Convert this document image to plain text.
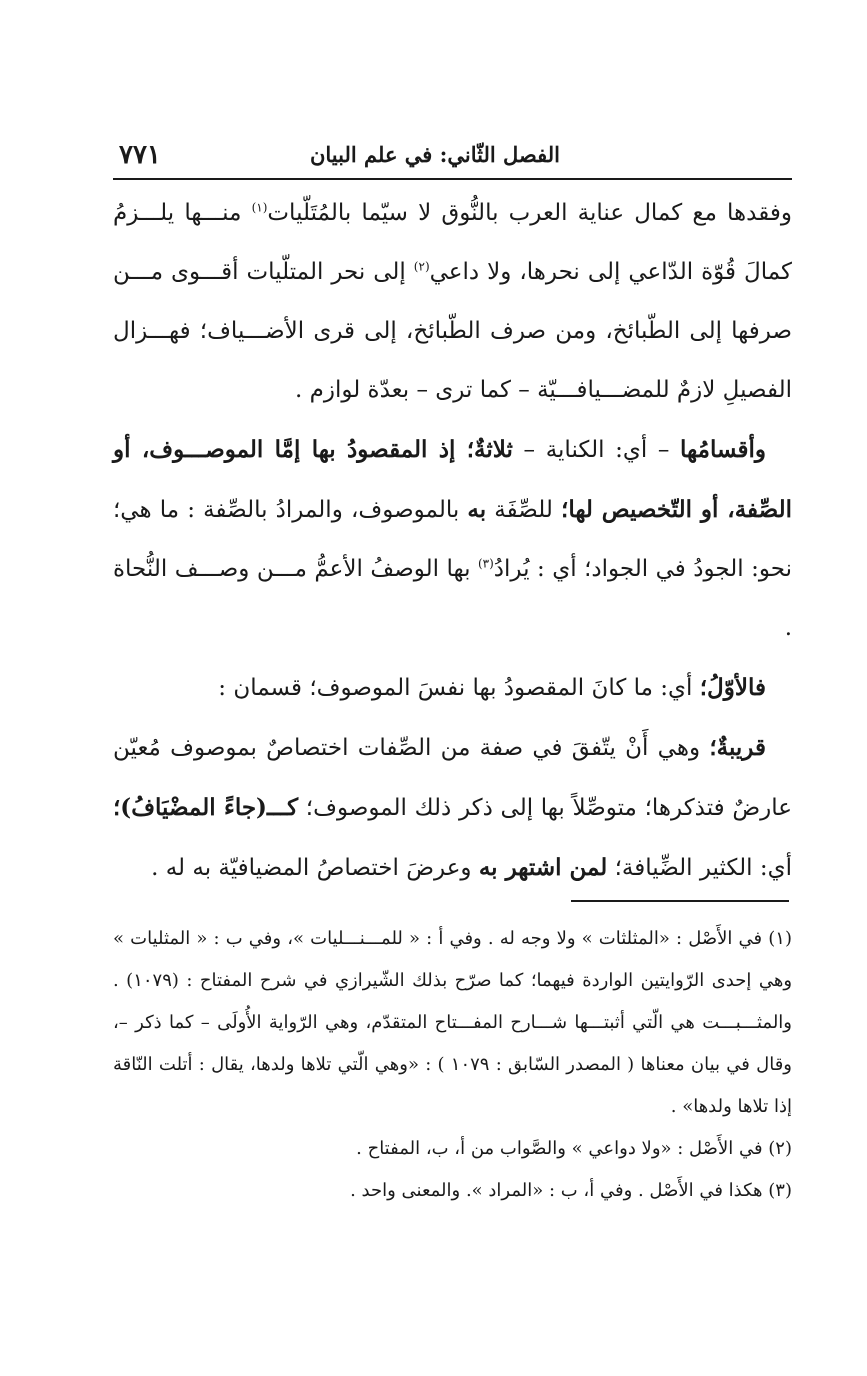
الفصل الثّاني: في علم البيان
٧٧١

وفقدها مع كمال عناية العرب بالنُّوق لا سيّما بالمُتَلّيات$^{(١)}$ منـــها يلـــزمُ كمالَ قُوّة الدّاعي إلى نحرها، ولا داعي$^{(٢)}$ إلى نحر المتلّيات أقـــوى مـــن صرفها إلى الطّبائخ، ومن صرف الطّبائخ، إلى قرى الأضـــياف؛ فهـــزال الفصيلِ لازمٌ للمضـــيافـــيّة – كما ترى – بعدّة لوازم .

وأقسامُها – أي: الكناية – ثلاثةٌ؛ إذ المقصودُ بها إمَّا الموصـــوف، أو الصِّفة، أو التّخصيص لها؛ للصِّفَة به بالموصوف، والمرادُ بالصِّفة : ما هي؛ نحو: الجودُ في الجواد؛ أي : يُرادُ$^{(٣)}$ بها الوصفُ الأعمُّ مـــن وصـــف النُّحاة .

فالأوّلُ؛ أي: ما كانَ المقصودُ بها نفسَ الموصوف؛ قسمان :

قريبةٌ؛ وهي أَنْ يتّفقَ في صفة من الصِّفات اختصاصٌ بموصوف مُعيّن عارضٌ فتذكرها؛ متوصِّلاً بها إلى ذكر ذلك الموصوف؛ كـــ(جاءً المضْيَافُ)؛ أي: الكثير الضِّيافة؛ لمن اشتهر به وعرضَ اختصاصُ المضيافيّة به له .

(١) في الأَصْل : «المثلثات » ولا وجه له . وفي أ : « للمـــنـــليات »، وفي ب : « المثليات » وهي إحدى الرّوايتين الواردة فيهما؛ كما صرّح بذلك الشّيرازي في شرح المفتاح : (١٠٧٩) . والمثـــبـــت هي الّتي أثبتـــها شـــارح المفـــتاح المتقدّم، وهي الرّواية الأُولَى – كما ذكر –، وقال في بيان معناها ( المصدر السّابق : ١٠٧٩ ) : «وهي الّتي تلاها ولدها، يقال : أتلت النّاقة إذا تلاها ولدها» .

(٢) في الأَصْل : «ولا دواعي » والصَّواب من أ، ب، المفتاح .

(٣) هكذا في الأَصْل . وفي أ، ب : «المراد ». والمعنى واحد .
